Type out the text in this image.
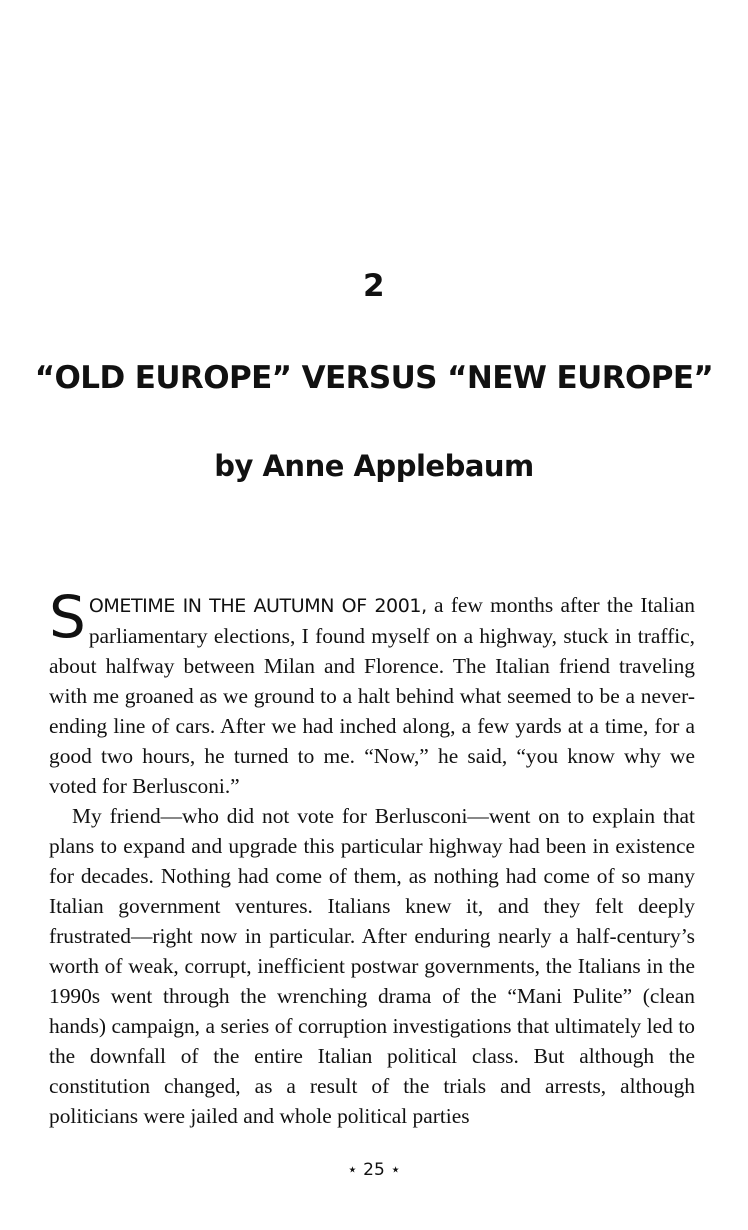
2
“OLD EUROPE” VERSUS “NEW EUROPE”
by Anne Applebaum

SOMETIME IN THE AUTUMN OF 2001, a few months after the Italian parliamentary elections, I found myself on a highway, stuck in traffic, about halfway between Milan and Florence. The Italian friend traveling with me groaned as we ground to a halt behind what seemed to be a never-ending line of cars. After we had inched along, a few yards at a time, for a good two hours, he turned to me. “Now,” he said, “you know why we voted for Berlusconi.”

My friend—who did not vote for Berlusconi—went on to explain that plans to expand and upgrade this particular highway had been in existence for decades. Nothing had come of them, as nothing had come of so many Italian government ventures. Italians knew it, and they felt deeply frustrated—right now in particular. After enduring nearly a half-century’s worth of weak, corrupt, inefficient postwar governments, the Italians in the 1990s went through the wrenching drama of the “Mani Pulite” (clean hands) campaign, a series of corruption investigations that ultimately led to the downfall of the entire Italian political class. But although the constitution changed, as a result of the trials and arrests, although politicians were jailed and whole political parties

⋆ 25 ⋆
